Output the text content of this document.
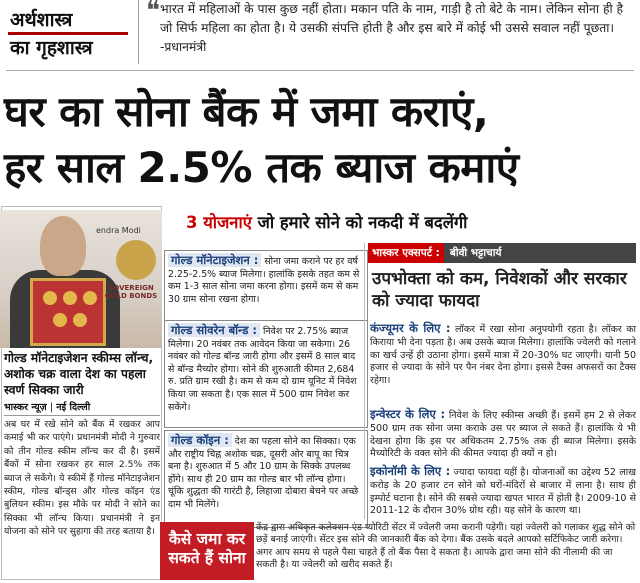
अर्थशास्त्र
का गृहशास्त्र
❝ भारत में महिलाओं के पास कुछ नहीं होता। मकान पति के नाम, गाड़ी है तो बेटे के नाम। लेकिन सोना ही है जो सिर्फ महिला का होता है। ये उसकी संपत्ति होती है और इस बारे में कोई भी उससे सवाल नहीं पूछता। -प्रधानमंत्री
घर का सोना बैंक में जमा कराएं,
हर साल 2.5% तक ब्याज कमाएं
SOVEREIGN GOLD BONDS
endra Modi
गोल्ड मॉनेटाइजेशन स्कीम्स लॉन्च, अशोक चक्र वाला देश का पहला स्वर्ण सिक्का जारी
भास्कर न्यूज़ | नई दिल्ली
अब घर में रखे सोने को बैंक में रखकर आप कमाई भी कर पाएंगे। प्रधानमंत्री मोदी ने गुरुवार को तीन गोल्ड स्कीम लॉन्च कर दी है। इसमें बैंकों में सोना रखकर हर साल 2.5% तक ब्याज ले सकेंगे। ये स्कीमें हैं गोल्ड मॉनेटाइजेशन स्कीम, गोल्ड बॉन्ड्स और गोल्ड कॉइन एंड बुलियन स्कीम। इस मौके पर मोदी ने सोने का सिक्का भी लॉन्च किया। प्रधानमंत्री ने इन योजना को सोने पर सुहागा की तरह बताया है।
3 योजनाएं जो हमारे सोने को नकदी में बदलेंगी
गोल्ड मॉनेटाइजेशन : सोना जमा कराने पर हर वर्ष 2.25-2.5% ब्याज मिलेगा। हालांकि इसके तहत कम से कम 1-3 साल सोना जमा करना होगा। इसमें कम से कम 30 ग्राम सोना रखना होगा।
गोल्ड सोवरेन बॉन्ड : निवेश पर 2.75% ब्याज मिलेगा। 20 नवंबर तक आवेदन किया जा सकेगा। 26 नवंबर को गोल्ड बॉन्ड जारी होगा और इसमें 8 साल बाद से बॉन्ड मैच्योर होगा। सोने की शुरुआती कीमत 2,684 रु. प्रति ग्राम रखी है। कम से कम दो ग्राम यूनिट में निवेश किया जा सकता है। एक साल में 500 ग्राम निवेश कर सकेंगे।
गोल्ड कॉइन : देश का पहला सोने का सिक्का। एक और राष्ट्रीय चिह्न अशोक चक्र, दूसरी ओर बापू का चित्र बना है। शुरुआत में 5 और 10 ग्राम के सिक्के उपलब्ध होंगे। साथ ही 20 ग्राम का गोल्ड बार भी लॉन्च होगा। चूंकि शुद्धता की गारंटी है, लिहाजा दोबारा बेचने पर अच्छे दाम भी मिलेंगे।
भास्कर एक्सपर्ट : बीवी भट्टाचार्य
उपभोक्ता को कम, निवेशकों और सरकार को ज्यादा फायदा
कंज्यूमर के लिए : लॉकर में रखा सोना अनुपयोगी रहता है। लॉकर का किराया भी देना पड़ता है। अब उसके ब्याज मिलेगा। हालांकि ज्वेलरी को गलाने का खर्च उन्हें ही उठाना होगा। इसमें मात्रा में 20-30% घट जाएगी। यानी 50 हजार से ज्यादा के सोने पर पैन नंबर देना होगा। इससे टैक्स अफसरों का टैक्स रहेगा।
इन्वेस्टर के लिए : निवेश के लिए स्कीम्स अच्छी हैं। इसमें हम 2 से लेकर 500 ग्राम तक सोना जमा कराके उस पर ब्याज ले सकते हैं। हालांकि ये भी देखना होगा कि इस पर अधिकतम 2.75% तक ही ब्याज मिलेगा। इसके मैच्योरिटी के वक्त सोने की कीमत ज्यादा ही क्यों न हो।
इकोनॉमी के लिए : ज्यादा फायदा यहीं है। योजनाओं का उद्देश्य 52 लाख करोड़ के 20 हजार टन सोने को घरों-मंदिरों से बाजार में लाना है। साथ ही इम्पोर्ट घटाना है। सोने की सबसे ज्यादा खपत भारत में होती है। 2009-10 से 2011-12 के दौरान 30% ग्रोथ रही। यह सोने के कारण था।
कैसे जमा कर सकते हैं सोना

केंद्र द्वारा अधिकृत कलेक्शन एंड प्योरिटी सेंटर में ज्वेलरी जमा करानी पड़ेगी। यहां ज्वेलरी को गलाकर शुद्ध सोने को छड़ें बनाई जाएंगी। सेंटर इस सोने की जानकारी बैंक को देगा। बैंक उसके बदले आपको सर्टिफिकेट जारी करेगा। अगर आप समय से पहले पैसा चाहते हैं तो बैंक पैसा दे सकता है। आपके द्वारा जमा सोने की नीलामी की जा सकती है। या ज्वेलरी को खरीद सकते हैं।
